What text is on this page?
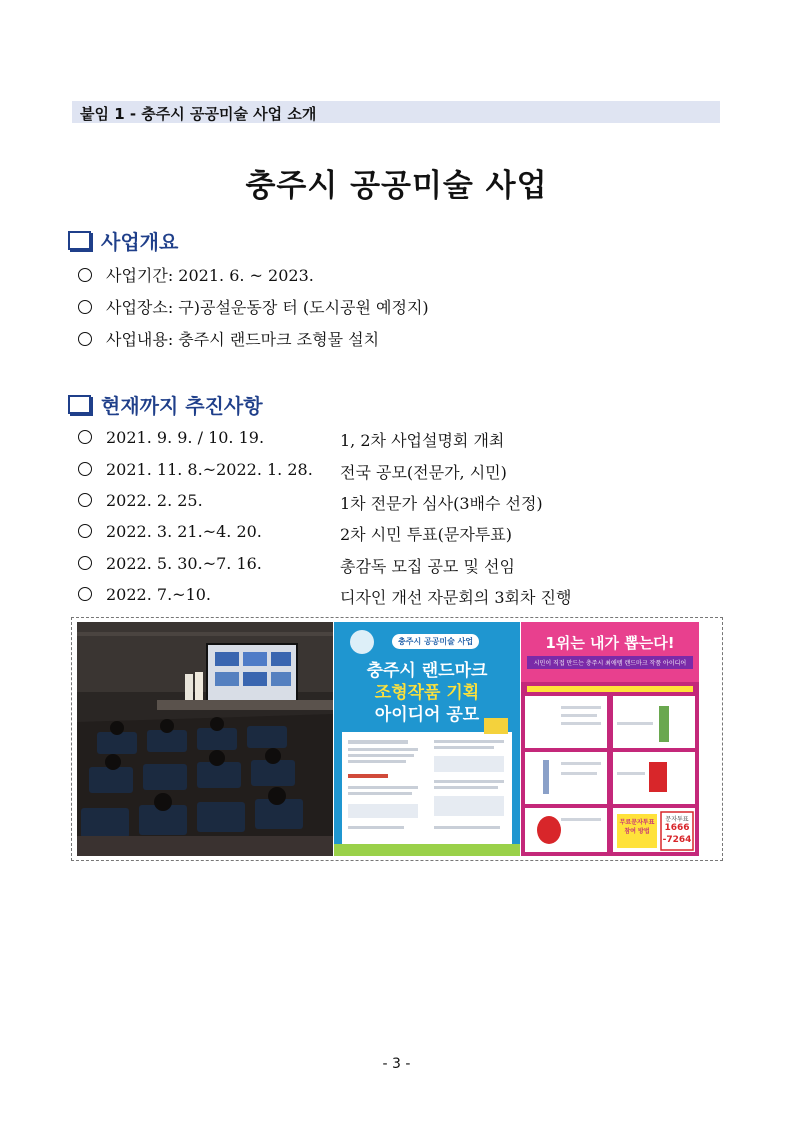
붙임 1 - 충주시 공공미술 사업 소개
충주시 공공미술 사업
사업개요
사업기간: 2021. 6. ~ 2023.
사업장소: 구)공설운동장 터 (도시공원 예정지)
사업내용: 충주시 랜드마크 조형물 설치
현재까지 추진사항
2021. 9. 9. / 10. 19.	1, 2차 사업설명회 개최
2021. 11. 8.~2022. 1. 28. 전국 공모(전문가, 시민)
2022. 2. 25.	1차 전문가 심사(3배수 선정)
2022. 3. 21.~4. 20.	2차 시민 투표(문자투표)
2022. 5. 30.~7. 16.	총감독 모집 공모 및 선임
2022. 7.~10.	디자인 개선 자문회의 3회차 진행
충주시 공공미술 사업
충주시 랜드마크
조형작품 기획
아이디어 공모
1위는 내가 뽑는다!
시민이 직접 만드는 충주시 최애템 랜드마크 작품 아이디어
무료문자투표 참여 방법
문자투표
1666
-7264
- 3 -
